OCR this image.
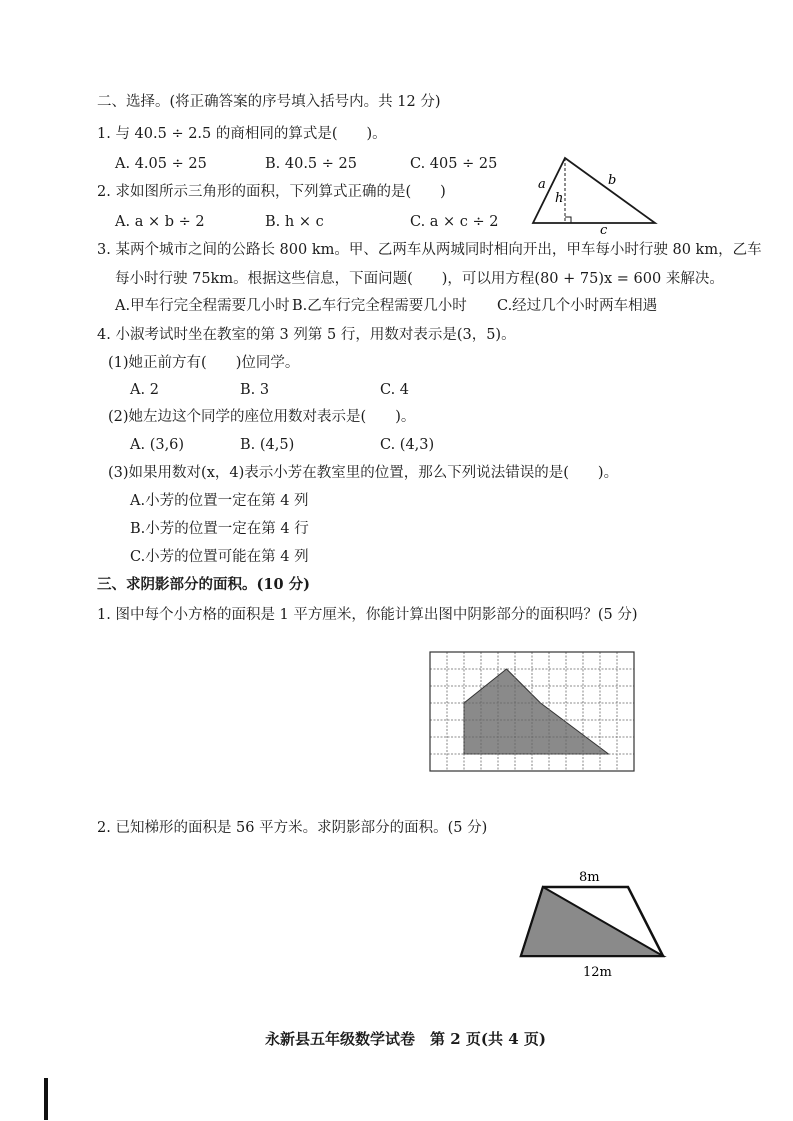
二、选择。(将正确答案的序号填入括号内。共 12 分)
1. 与 40.5 ÷ 2.5 的商相同的算式是(　　)。
A. 4.05 ÷ 25	B. 40.5 ÷ 25	C. 405 ÷ 25
2. 求如图所示三角形的面积，下列算式正确的是(　　)
A. a × b ÷ 2	B. h × c	C. a × c ÷ 2
a	b
h
c
3. 某两个城市之间的公路长 800 km。甲、乙两车从两城同时相向开出，甲车每小时行驶 80 km，乙车
每小时行驶 75km。根据这些信息，下面问题(　　)，可以用方程(80 + 75)x = 600 来解决。
A.甲车行完全程需要几小时 B.乙车行完全程需要几小时 C.经过几个小时两车相遇
4. 小淑考试时坐在教室的第 3 列第 5 行，用数对表示是(3，5)。
(1)她正前方有(　　)位同学。
A. 2	B. 3	C. 4
(2)她左边这个同学的座位用数对表示是(　　)。
A. (3,6)	B. (4,5)	C. (4,3)
(3)如果用数对(x，4)表示小芳在教室里的位置，那么下列说法错误的是(　　)。
A.小芳的位置一定在第 4 列
B.小芳的位置一定在第 4 行
C.小芳的位置可能在第 4 列
三、求阴影部分的面积。(10 分)
1. 图中每个小方格的面积是 1 平方厘米，你能计算出图中阴影部分的面积吗？(5 分)
2. 已知梯形的面积是 56 平方米。求阴影部分的面积。(5 分)
8m
12m
永新县五年级数学试卷　第 2 页(共 4 页)
